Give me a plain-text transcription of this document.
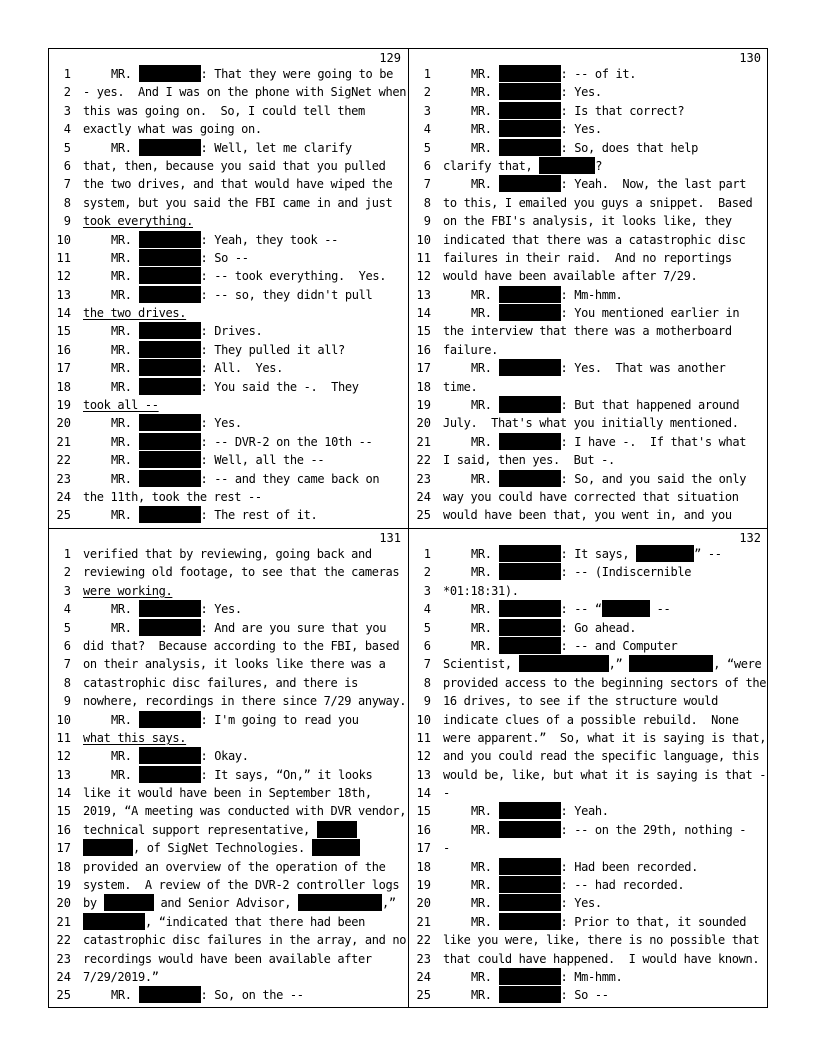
129
1	MR.	: That they were going to be
2 - yes.  And I was on the phone with SigNet when
3 this was going on.  So, I could tell them
4 exactly what was going on.
5	MR.	: Well, let me clarify
6 that, then, because you said that you pulled
7 the two drives, and that would have wiped the
8 system, but you said the FBI came in and just
9 took everything.
10	MR.	: Yeah, they took --
11	MR.	: So --
12	MR.	: -- took everything.  Yes.
13	MR.	: -- so, they didn't pull
14 the two drives.
15	MR.	: Drives.
16	MR.	: They pulled it all?
17	MR.	: All.  Yes.
18	MR.	: You said the -.  They
19 took all --
20	MR.	: Yes.
21	MR.	: -- DVR-2 on the 10th --
22	MR.	: Well, all the --
23	MR.	: -- and they came back on
24 the 11th, took the rest --
25	MR.	: The rest of it.
130
1	MR.	: -- of it.
2	MR.	: Yes.
3	MR.	: Is that correct?
4	MR.	: Yes.
5	MR.	: So, does that help
6 clarify that,	?
7	MR.	: Yeah.  Now, the last part
8 to this, I emailed you guys a snippet.  Based
9 on the FBI's analysis, it looks like, they
10 indicated that there was a catastrophic disc
11 failures in their raid.  And no reportings
12 would have been available after 7/29.
13	MR.	: Mm-hmm.
14	MR.	: You mentioned earlier in
15 the interview that there was a motherboard
16 failure.
17	MR.	: Yes.  That was another
18 time.
19	MR.	: But that happened around
20 July.  That's what you initially mentioned.
21	MR.	: I have -.  If that's what
22 I said, then yes.  But -.
23	MR.	: So, and you said the only
24 way you could have corrected that situation
25 would have been that, you went in, and you
131
1 verified that by reviewing, going back and
2 reviewing old footage, to see that the cameras
3 were working.
4	MR.	: Yes.
5	MR.	: And are you sure that you
6 did that?  Because according to the FBI, based
7 on their analysis, it looks like there was a
8 catastrophic disc failures, and there is
9 nowhere, recordings in there since 7/29 anyway.
10	MR.	: I'm going to read you
11 what this says.
12	MR.	: Okay.
13	MR.	: It says, “On,” it looks
14 like it would have been in September 18th,
15 2019, “A meeting was conducted with DVR vendor,
16 technical support representative,
17	, of SigNet Technologies.
18 provided an overview of the operation of the
19 system.  A review of the DVR-2 controller logs
20 by	and Senior Advisor,	,”
21	, “indicated that there had been
22 catastrophic disc failures in the array, and no
23 recordings would have been available after
24 7/29/2019.”
25	MR.	: So, on the --
132
1	MR.	: It says,	” --
2	MR.	: -- (Indiscernible
3 *01:18:31).
4	MR.	: -- “	--
5	MR.	: Go ahead.
6	MR.	: -- and Computer
7 Scientist,	,”	, “were
8 provided access to the beginning sectors of the
9 16 drives, to see if the structure would
10 indicate clues of a possible rebuild.  None
11 were apparent.”  So, what it is saying is that,
12 and you could read the specific language, this
13 would be, like, but what it is saying is that -
14 -
15	MR.	: Yeah.
16	MR.	: -- on the 29th, nothing -
17 -
18	MR.	: Had been recorded.
19	MR.	: -- had recorded.
20	MR.	: Yes.
21	MR.	: Prior to that, it sounded
22 like you were, like, there is no possible that
23 that could have happened.  I would have known.
24	MR.	: Mm-hmm.
25	MR.	: So --
